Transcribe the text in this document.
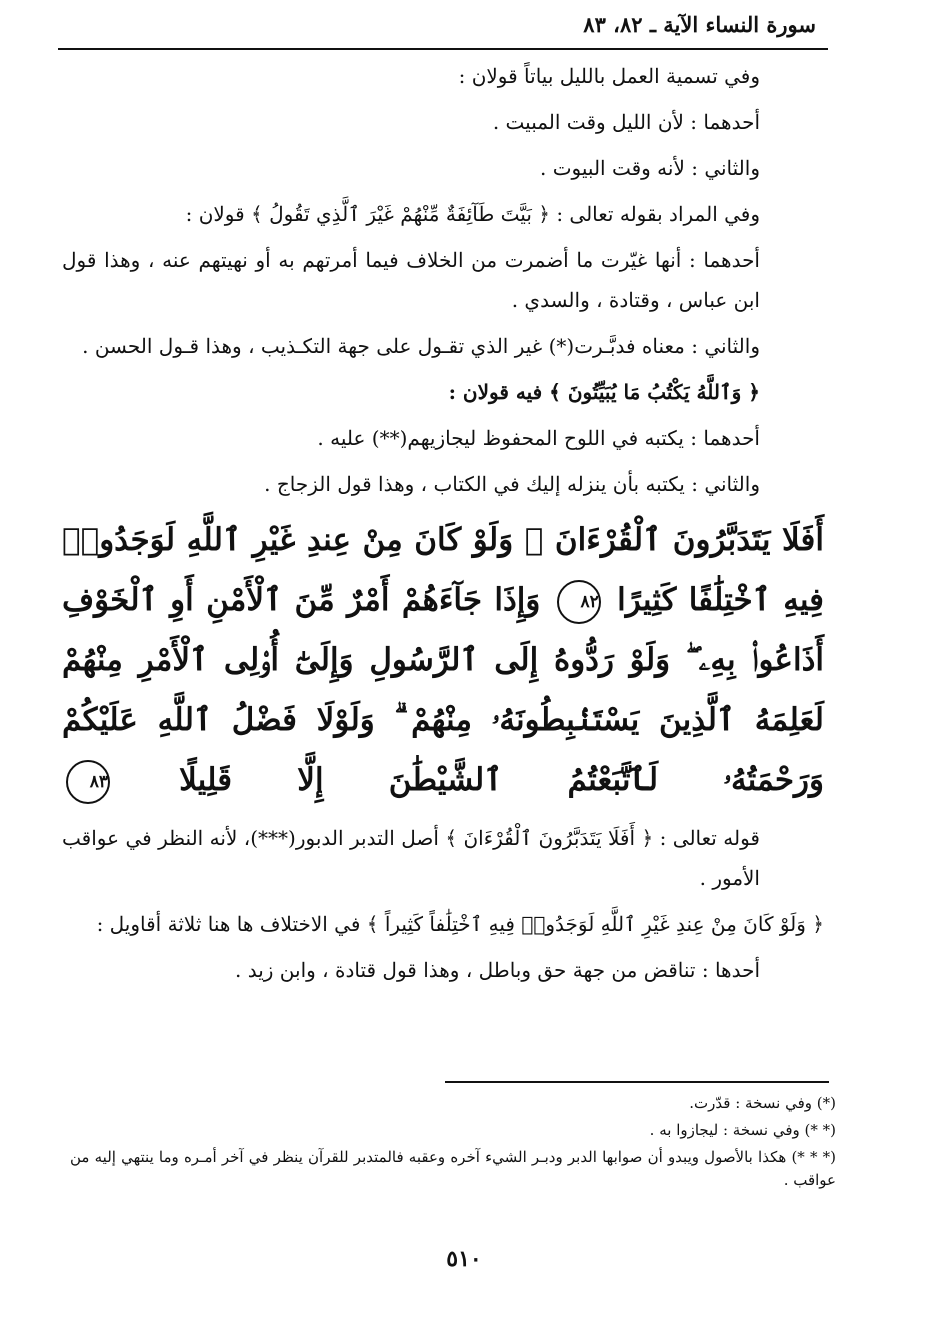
سورة النساء الآية ـ ٨٢، ٨٣

وفي تسمية العمل بالليل بياتاً قولان :

أحدهما : لأن الليل وقت المبيت .

والثاني : لأنه وقت البيوت .

وفي المراد بقوله تعالى : ﴿ بَيَّتَ طَآئِفَةٌ مِّنْهُمْ غَيْرَ ٱلَّذِي تَقُولُ ﴾ قولان :

أحدهما : أنها غيّرت ما أضمرت من الخلاف فيما أمرتهم به أو نهيتهم عنه ، وهذا قول ابن عباس ، وقتادة ، والسدي .

والثاني : معناه فدبَّـرت(*) غير الذي تقـول على جهة التكـذيب ، وهذا قـول الحسن .

﴿ وَٱللَّهُ يَكْتُبُ مَا يُبَيِّتُونَ ﴾ فيه قولان :

أحدهما : يكتبه في اللوح المحفوظ ليجازيهم(**) عليه .

والثاني : يكتبه بأن ينزله إليك في الكتاب ، وهذا قول الزجاج .

أَفَلَا يَتَدَبَّرُونَ ٱلْقُرْءَانَ ۚ وَلَوْ كَانَ مِنْ عِندِ غَيْرِ ٱللَّهِ لَوَجَدُوا۟ فِيهِ ٱخْتِلَٰفًا كَثِيرًا ٨٢ وَإِذَا جَآءَهُمْ أَمْرٌ مِّنَ ٱلْأَمْنِ أَوِ ٱلْخَوْفِ أَذَاعُوا۟ بِهِۦ ۖ وَلَوْ رَدُّوهُ إِلَى ٱلرَّسُولِ وَإِلَىٰٓ أُو۟لِى ٱلْأَمْرِ مِنْهُمْ لَعَلِمَهُ ٱلَّذِينَ يَسْتَنۢبِطُونَهُۥ مِنْهُمْ ۗ وَلَوْلَا فَضْلُ ٱللَّهِ عَلَيْكُمْ وَرَحْمَتُهُۥ لَٱتَّبَعْتُمُ ٱلشَّيْطَٰنَ إِلَّا قَلِيلًا ٨٣

قوله تعالى : ﴿ أَفَلَا يَتَدَبَّرُونَ ٱلْقُرْءَانَ ﴾ أصل التدبر الدبور(***)، لأنه النظر في عواقب الأمور .

﴿ وَلَوْ كَانَ مِنْ عِندِ غَيْرِ ٱللَّهِ لَوَجَدُوا۟ فِيهِ ٱخْتِلَٰفاً كَثِيراً ﴾ في الاختلاف ها هنا ثلاثة أقاويل :

أحدها : تناقض من جهة حق وباطل ، وهذا قول قتادة ، وابن زيد .

(*) وفي نسخة : قدّرت.

(* *) وفي نسخة : ليجازوا به .

(* * *) هكذا بالأصول ويبدو أن صوابها الدبر ودبـر الشيء آخره وعقبه فالمتدبر للقرآن ينظر في آخر أمـره وما ينتهي إليه من عواقب .

٥١٠
